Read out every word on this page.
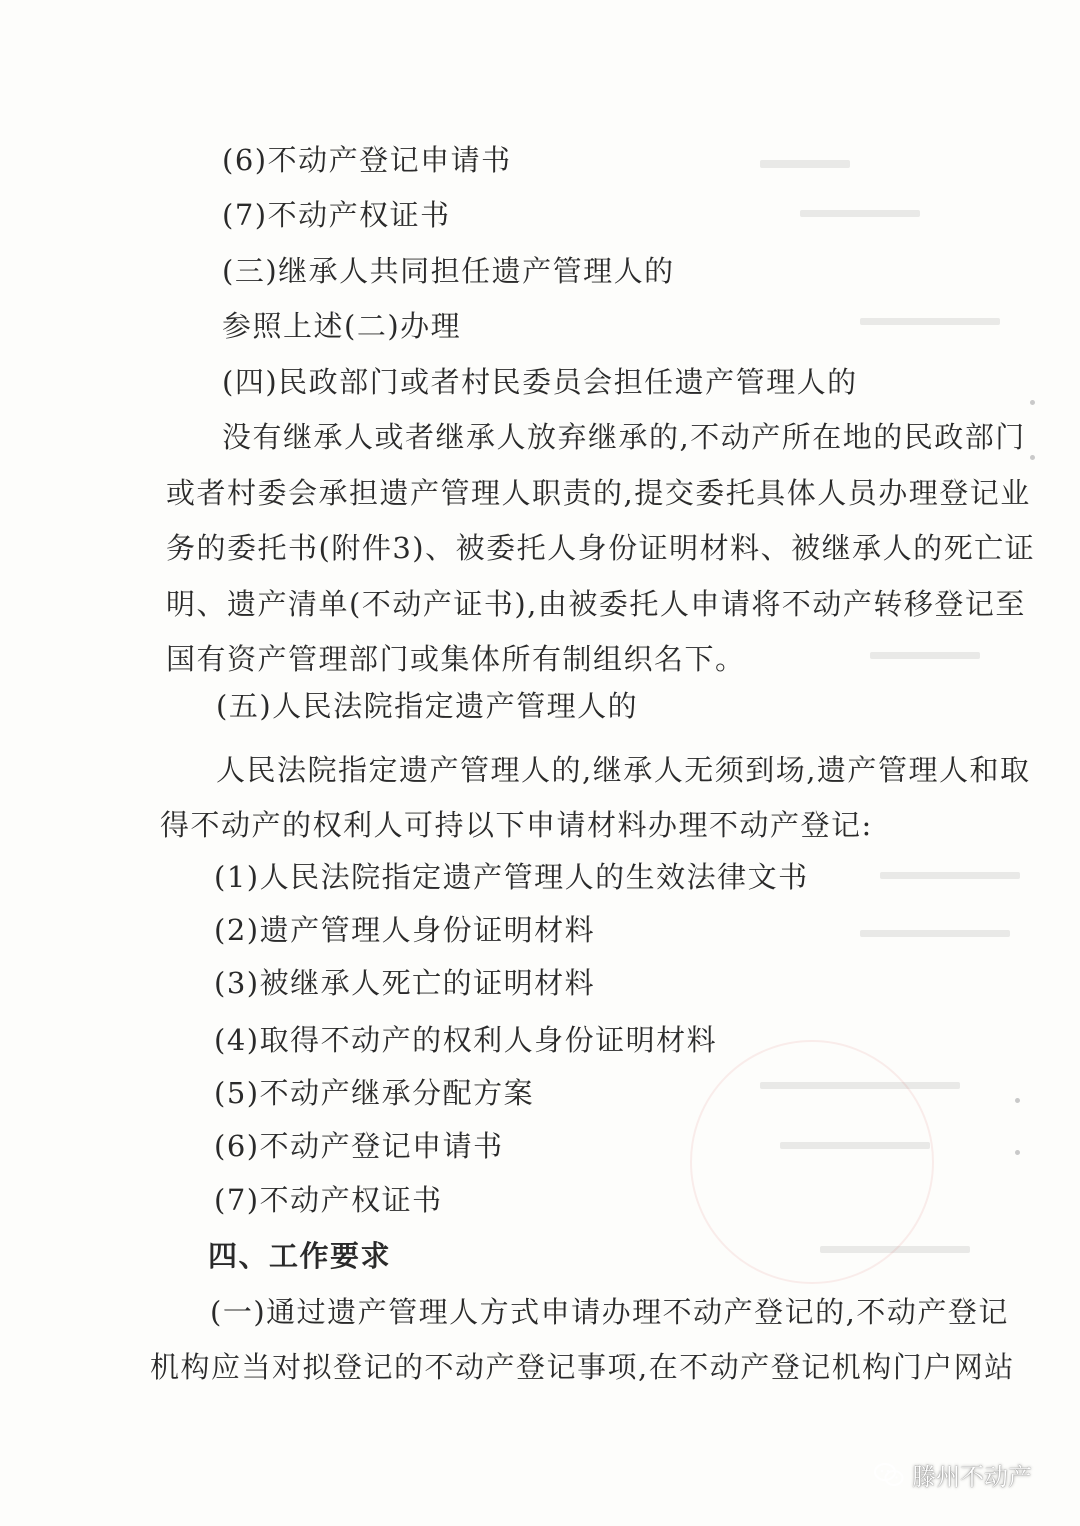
(6)不动产登记申请书
(7)不动产权证书
(三)继承人共同担任遗产管理人的
参照上述(二)办理
(四)民政部门或者村民委员会担任遗产管理人的
没有继承人或者继承人放弃继承的,不动产所在地的民政部门
或者村委会承担遗产管理人职责的,提交委托具体人员办理登记业
务的委托书(附件3)、被委托人身份证明材料、被继承人的死亡证
明、遗产清单(不动产证书),由被委托人申请将不动产转移登记至
国有资产管理部门或集体所有制组织名下。
(五)人民法院指定遗产管理人的
人民法院指定遗产管理人的,继承人无须到场,遗产管理人和取
得不动产的权利人可持以下申请材料办理不动产登记:
(1)人民法院指定遗产管理人的生效法律文书
(2)遗产管理人身份证明材料
(3)被继承人死亡的证明材料
(4)取得不动产的权利人身份证明材料
(5)不动产继承分配方案
(6)不动产登记申请书
(7)不动产权证书
四、工作要求
(一)通过遗产管理人方式申请办理不动产登记的,不动产登记
机构应当对拟登记的不动产登记事项,在不动产登记机构门户网站
滕州不动产
